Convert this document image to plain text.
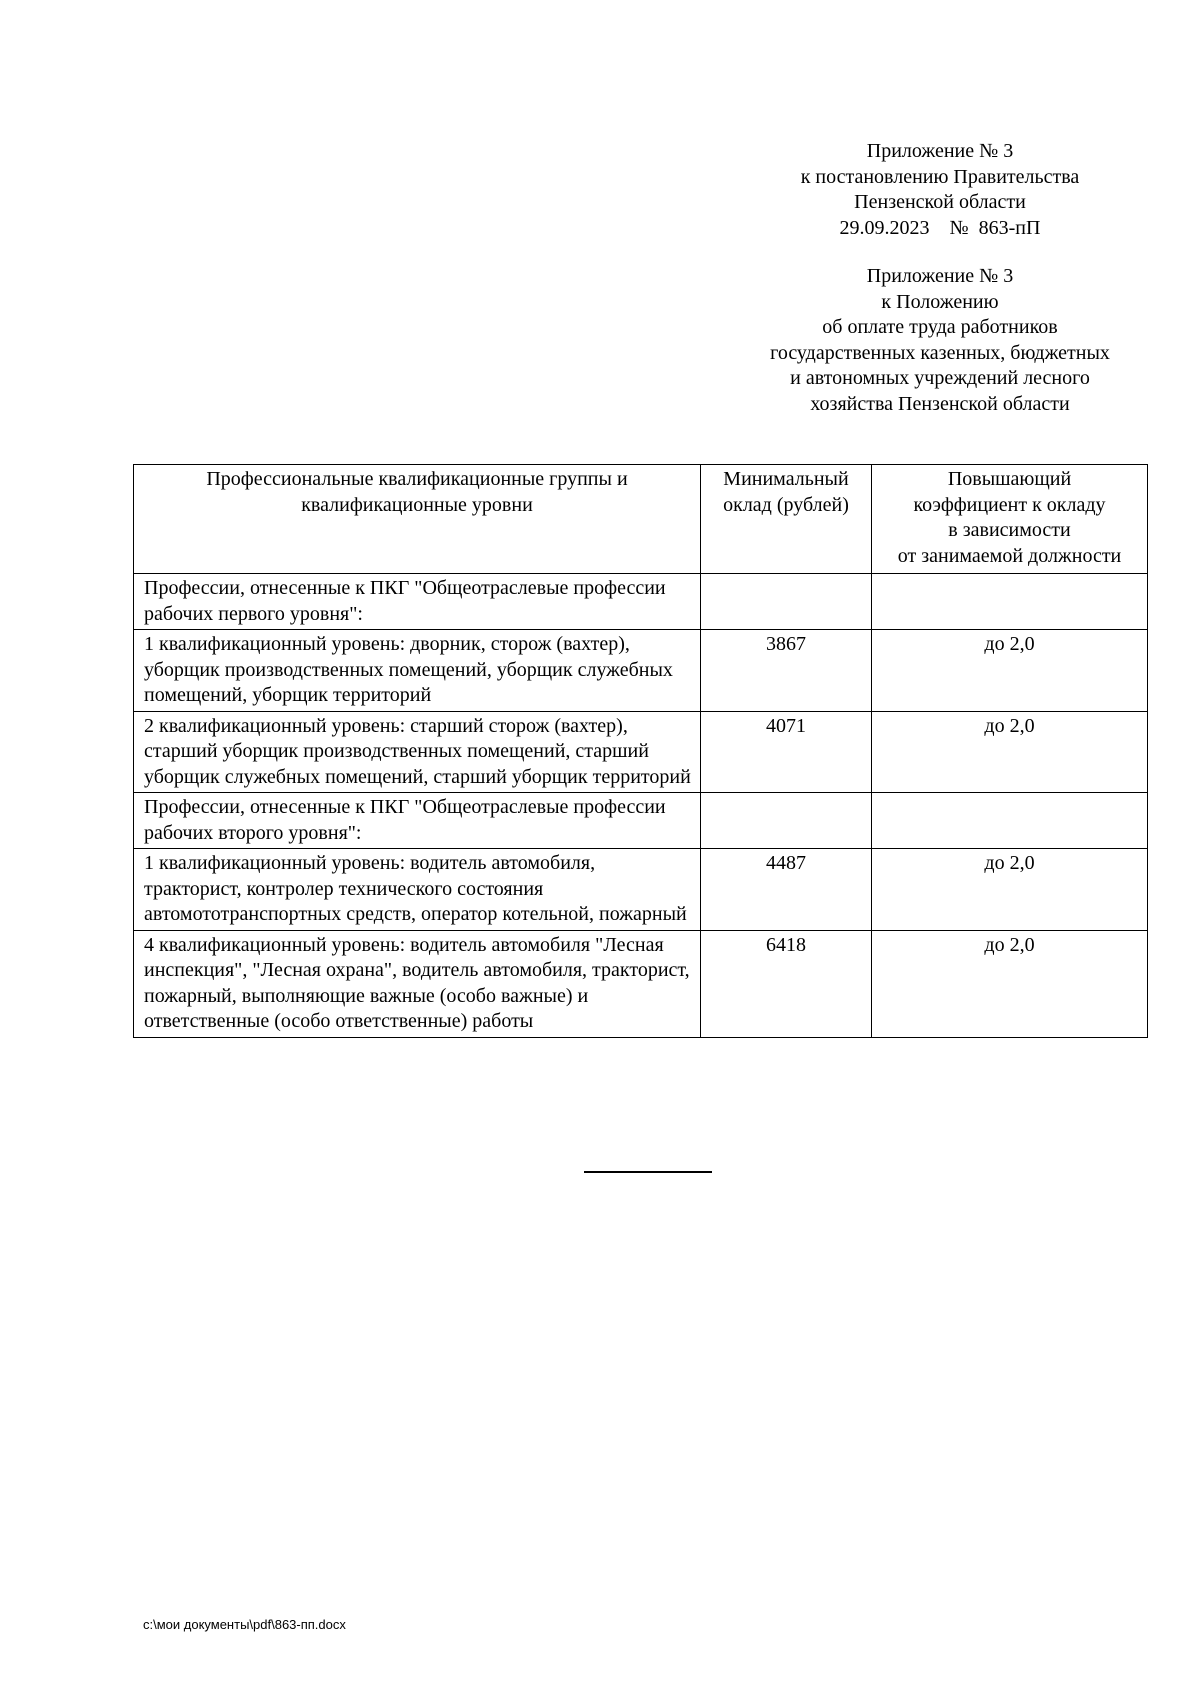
Приложение № 3
к постановлению Правительства
Пензенской области
29.09.2023    №  863-пП
Приложение № 3
к Положению
об оплате труда работников
государственных казенных, бюджетных
и автономных учреждений лесного
хозяйства Пензенской области
Профессиональные квалификационные группы и квалификационные уровни	Минимальный оклад (рублей)	Повышающий
коэффициент к окладу
в зависимости
от занимаемой должности

Профессии, отнесенные к ПКГ "Общеотраслевые профессии рабочих первого уровня":		
1 квалификационный уровень: дворник, сторож (вахтер), уборщик производственных помещений, уборщик служебных помещений, уборщик территорий	3867	до 2,0
2 квалификационный уровень: старший сторож (вахтер), старший уборщик производственных помещений, старший уборщик служебных помещений, старший уборщик территорий	4071	до 2,0
Профессии, отнесенные к ПКГ "Общеотраслевые профессии рабочих второго уровня":		
1 квалификационный уровень: водитель автомобиля, тракторист, контролер технического состояния автомототранспортных средств, оператор котельной, пожарный	4487	до 2,0
4 квалификационный уровень: водитель автомобиля "Лесная инспекция", "Лесная охрана", водитель автомобиля, тракторист, пожарный, выполняющие важные (особо важные) и ответственные (особо ответственные) работы	6418	до 2,0
c:\мои документы\pdf\863-пп.docx
